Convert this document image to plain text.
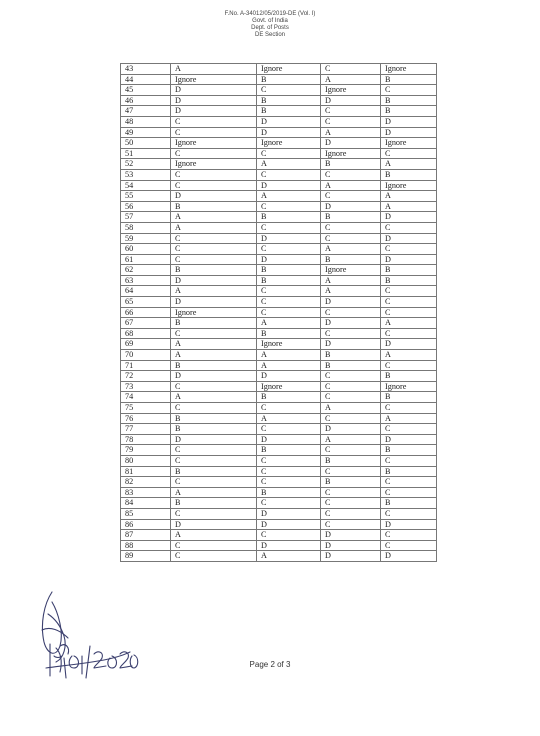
F.No. A-34012/05/2019-DE (Vol. I)
Govt. of India
Dept. of Posts
DE Section
43	A	Ignore	C	Ignore
44	Ignore	B	A	B
45	D	C	Ignore	C
46	D	B	D	B
47	D	B	C	B
48	C	D	C	D
49	C	D	A	D
50	Ignore	Ignore	D	Ignore
51	C	C	Ignore	C
52	Ignore	A	B	A
53	C	C	C	B
54	C	D	A	Ignore
55	D	A	C	A
56	B	C	D	A
57	A	B	B	D
58	A	C	C	C
59	C	D	C	D
60	C	C	A	C
61	C	D	B	D
62	B	B	Ignore	B
63	D	B	A	B
64	A	C	A	C
65	D	C	D	C
66	Ignore	C	C	C
67	B	A	D	A
68	C	B	C	C
69	A	Ignore	D	D
70	A	A	B	A
71	B	A	B	C
72	D	D	C	B
73	C	Ignore	C	Ignore
74	A	B	C	B
75	C	C	A	C
76	B	A	C	A
77	B	C	D	C
78	D	D	A	D
79	C	B	C	B
80	C	C	B	C
81	B	C	C	B
82	C	C	B	C
83	A	B	C	C
84	B	C	C	B
85	C	D	C	C
86	D	D	C	D
87	A	C	D	C
88	C	D	D	C
89	C	A	D	D
Page 2 of 3
